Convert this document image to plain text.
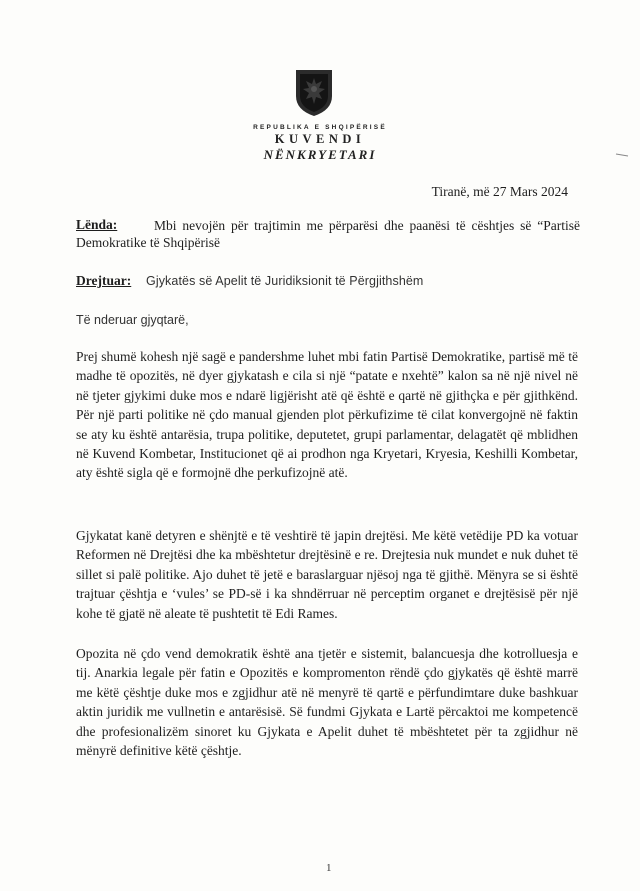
REPUBLIKA E SHQIPËRISË

KUVENDI

NËNKRYETARI

Tiranë, më 27 Mars 2024
Mbi nevojën për trajtimin me përparësi dhe paanësi të cështjes së “Partisë Demokratike të Shqipërisë
Lënda:
Drejtuar: Gjykatës së Apelit të Juridiksionit të Përgjithshëm
Të nderuar gjyqtarë,

Prej shumë kohesh një sagë e pandershme luhet mbi fatin Partisë Demokratike, partisë më të madhe të opozitës, në dyer gjykatash e cila si një “patate e nxehtë” kalon sa në një nivel në në tjeter gjykimi duke mos e ndarë ligjërisht atë që është e qartë në gjithçka e për gjithkënd. Për një parti politike në çdo manual gjenden plot përkufizime të cilat konvergojnë në faktin se aty ku është antarësia, trupa politike, deputetet, grupi parlamentar, delagatët që mblidhen në Kuvend Kombetar, Institucionet që ai prodhon nga Kryetari, Kryesia, Keshilli Kombetar, aty është sigla që e formojnë dhe perkufizojnë atë.

Gjykatat kanë detyren e shënjtë e të veshtirë të japin drejtësi. Me këtë vetëdije PD ka votuar Reformen në Drejtësi dhe ka mbështetur drejtësinë e re. Drejtesia nuk mundet e nuk duhet të sillet si palë politike. Ajo duhet të jetë e baraslarguar njësoj nga të gjithë. Mënyra se si është trajtuar çështja e ‘vules’ se PD-së i ka shndërruar në perceptim organet e drejtësisë për një kohe të gjatë në aleate të pushtetit të Edi Rames.

Opozita në çdo vend demokratik është ana tjetër e sistemit, balancuesja dhe kotrolluesja e tij. Anarkia legale për fatin e Opozitës e kompromenton rëndë çdo gjykatës që është marrë me këtë çështje duke mos e zgjidhur atë në menyrë të qartë e përfundimtare duke bashkuar aktin juridik me vullnetin e antarësisë. Së fundmi Gjykata e Lartë përcaktoi me kompetencë dhe profesionalizëm sinoret ku Gjykata e Apelit duhet të mbështetet për ta zgjidhur në mënyrë definitive këtë çështje.

1
